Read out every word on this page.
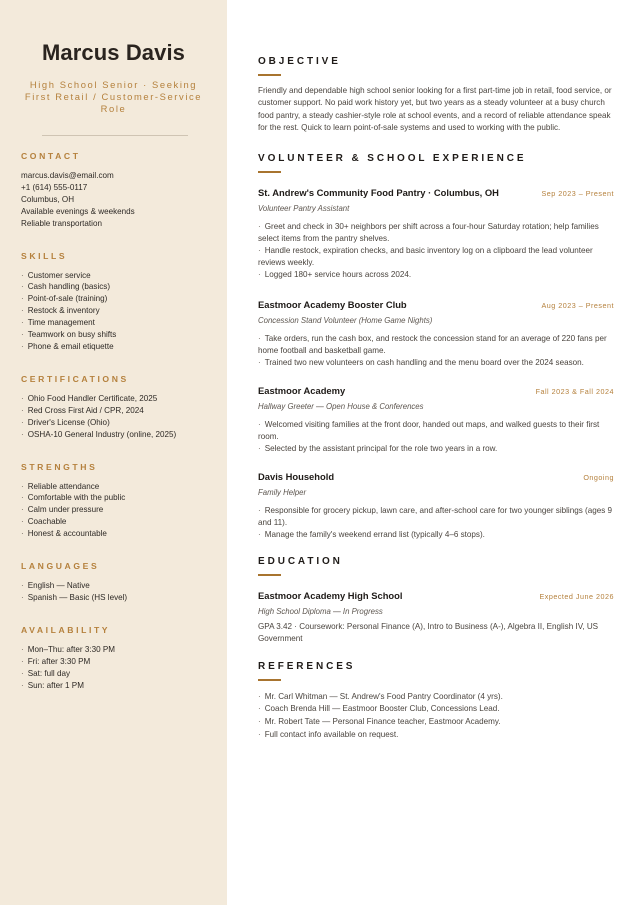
Marcus Davis
High School Senior · Seeking First Retail / Customer-Service Role
CONTACT
marcus.davis@email.com
+1 (614) 555-0117
Columbus, OH
Available evenings & weekends
Reliable transportation
SKILLS
· Customer service
· Cash handling (basics)
· Point-of-sale (training)
· Restock & inventory
· Time management
· Teamwork on busy shifts
· Phone & email etiquette
CERTIFICATIONS
· Ohio Food Handler Certificate, 2025
· Red Cross First Aid / CPR, 2024
· Driver's License (Ohio)
· OSHA-10 General Industry (online, 2025)
STRENGTHS
· Reliable attendance
· Comfortable with the public
· Calm under pressure
· Coachable
· Honest & accountable
LANGUAGES
· English — Native
· Spanish — Basic (HS level)
AVAILABILITY
· Mon–Thu: after 3:30 PM
· Fri: after 3:30 PM
· Sat: full day
· Sun: after 1 PM
OBJECTIVE
Friendly and dependable high school senior looking for a first part-time job in retail, food service, or customer support. No paid work history yet, but two years as a steady volunteer at a busy church food pantry, a steady cashier-style role at school events, and a record of reliable attendance speak for the rest. Quick to learn point-of-sale systems and used to working with the public.
VOLUNTEER & SCHOOL EXPERIENCE
St. Andrew's Community Food Pantry · Columbus, OH	Sep 2023 – Present
Volunteer Pantry Assistant
· Greet and check in 30+ neighbors per shift across a four-hour Saturday rotation; help families select items from the pantry shelves.
· Handle restock, expiration checks, and basic inventory log on a clipboard the lead volunteer reviews weekly.
· Logged 180+ service hours across 2024.
Eastmoor Academy Booster Club	Aug 2023 – Present
Concession Stand Volunteer (Home Game Nights)
· Take orders, run the cash box, and restock the concession stand for an average of 220 fans per home football and basketball game.
· Trained two new volunteers on cash handling and the menu board over the 2024 season.
Eastmoor Academy	Fall 2023 & Fall 2024
Hallway Greeter — Open House & Conferences
· Welcomed visiting families at the front door, handed out maps, and walked guests to their first room.
· Selected by the assistant principal for the role two years in a row.
Davis Household	Ongoing
Family Helper
· Responsible for grocery pickup, lawn care, and after-school care for two younger siblings (ages 9 and 11).
· Manage the family's weekend errand list (typically 4–6 stops).
EDUCATION
Eastmoor Academy High School	Expected June 2026
High School Diploma — In Progress
GPA 3.42 · Coursework: Personal Finance (A), Intro to Business (A-), Algebra II, English IV, US Government
REFERENCES
· Mr. Carl Whitman — St. Andrew's Food Pantry Coordinator (4 yrs).
· Coach Brenda Hill — Eastmoor Booster Club, Concessions Lead.
· Mr. Robert Tate — Personal Finance teacher, Eastmoor Academy.
· Full contact info available on request.
